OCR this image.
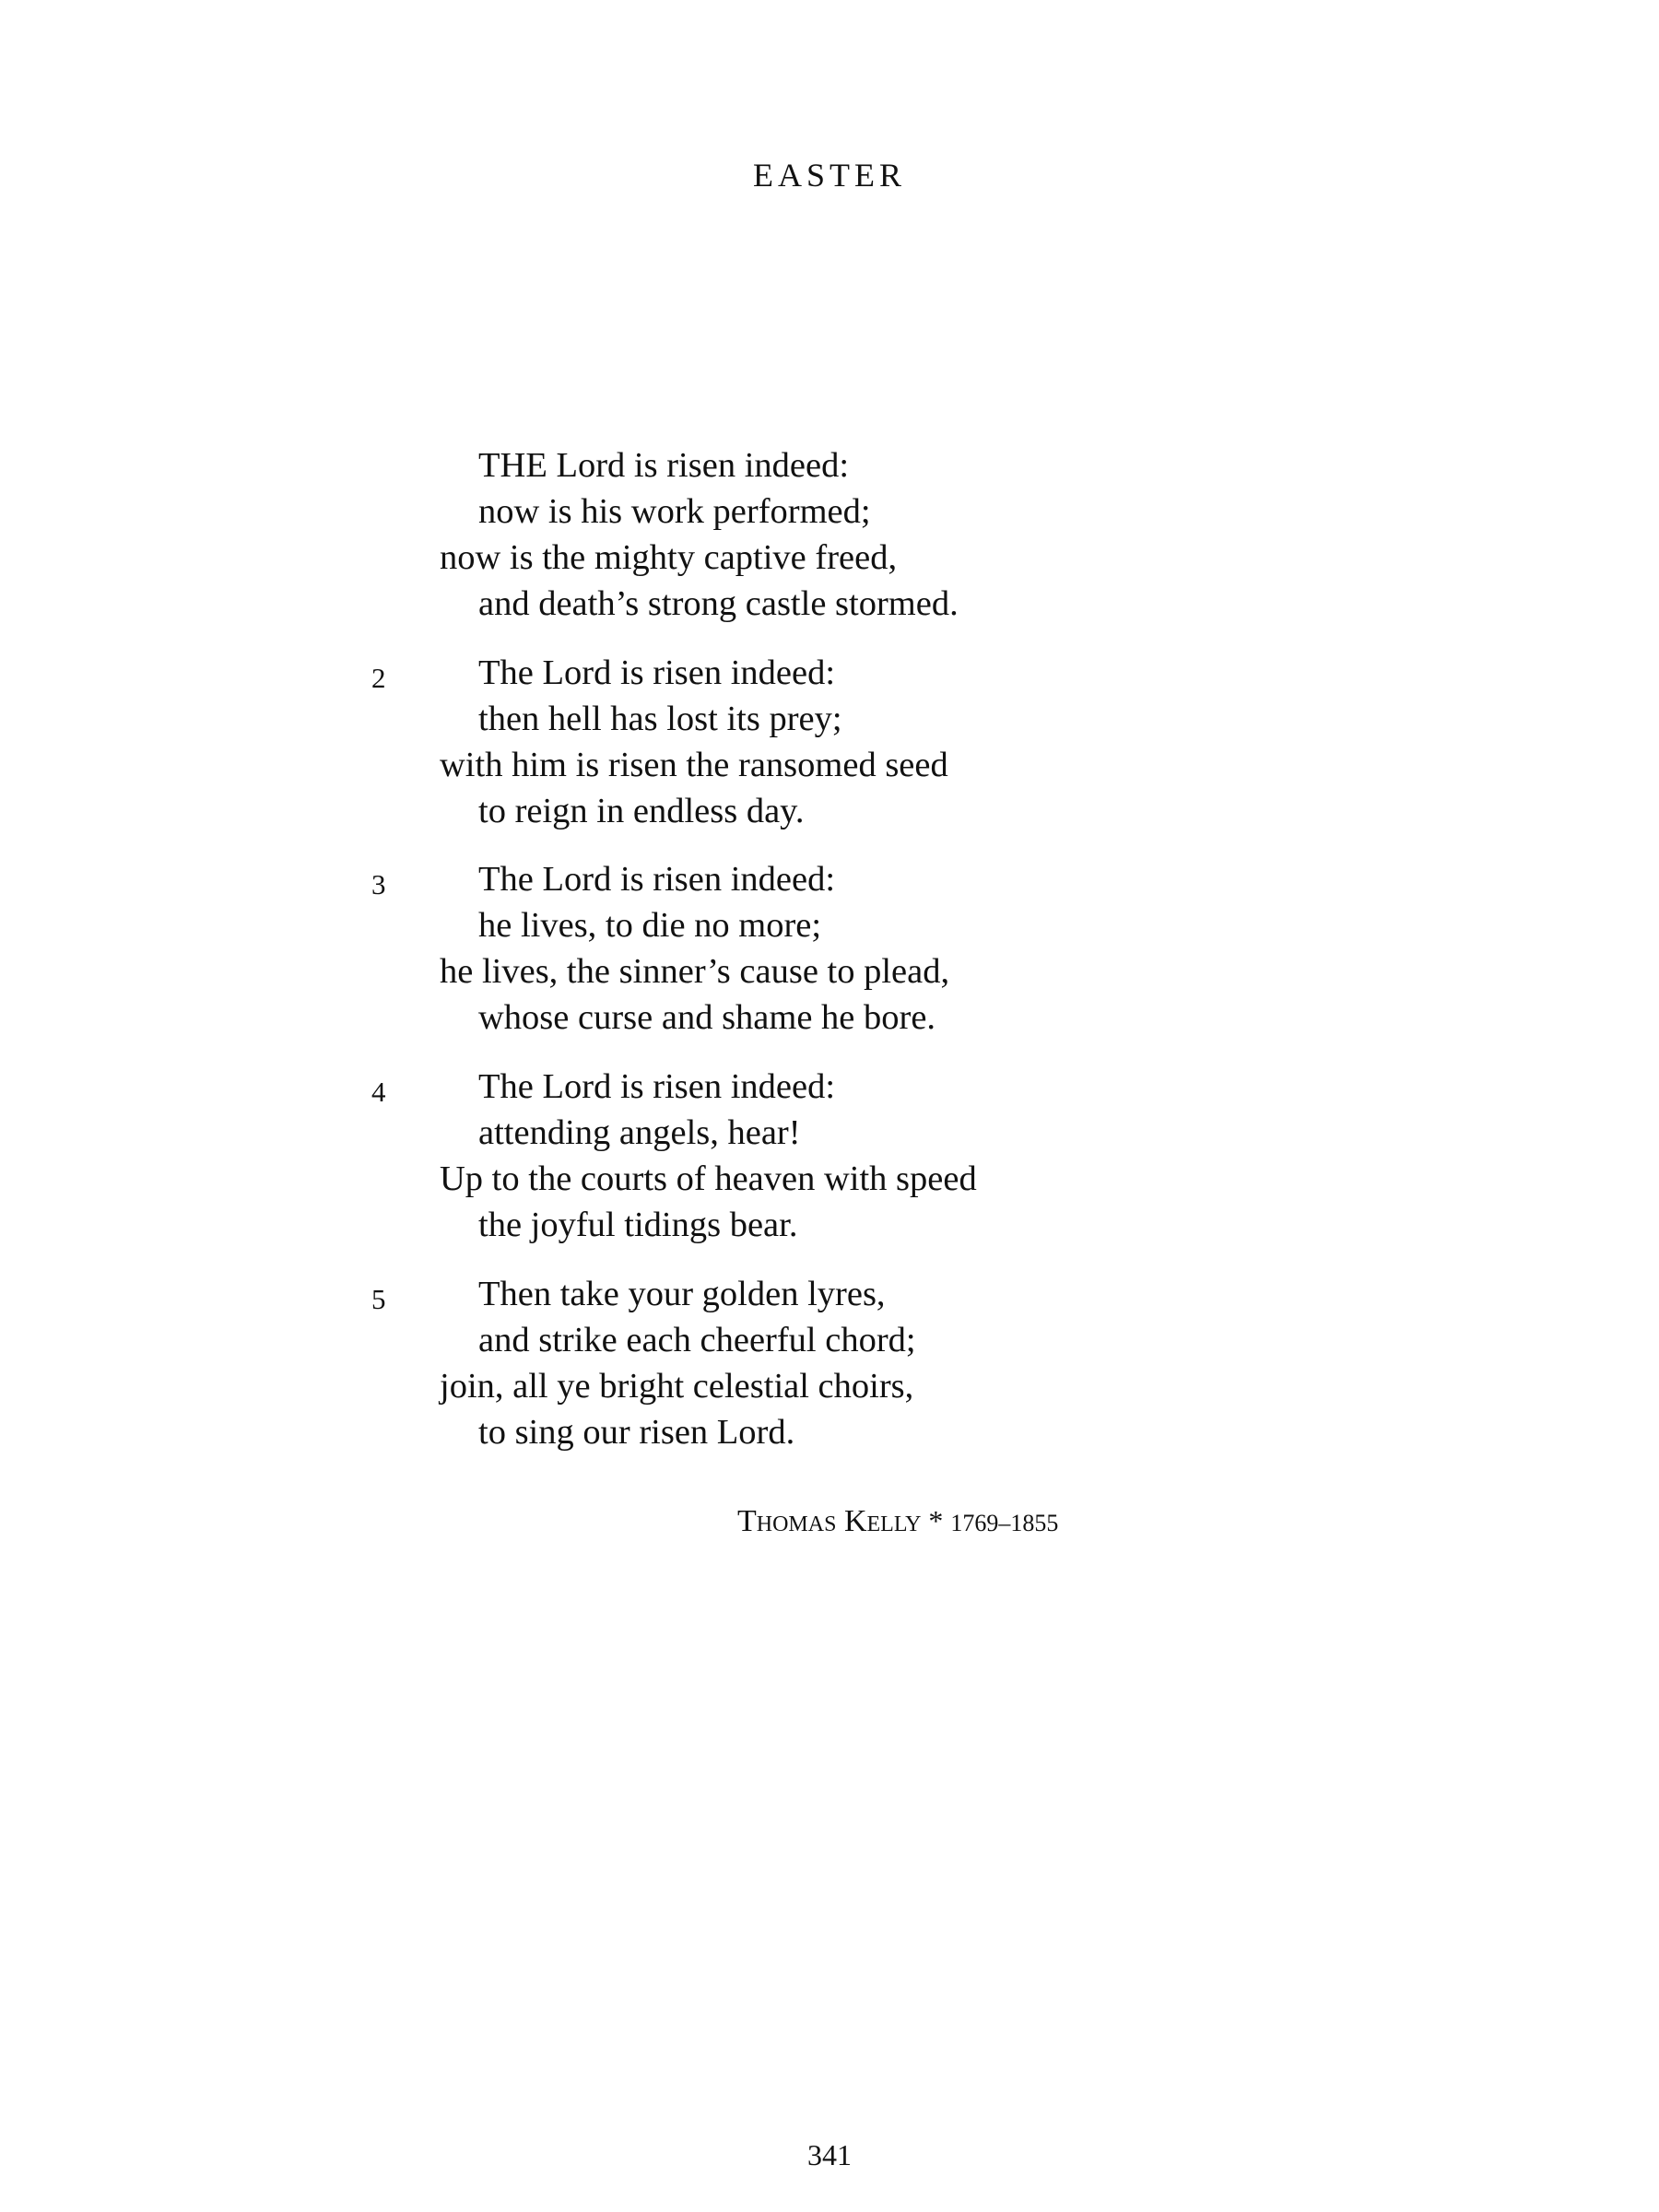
EASTER
THE Lord is risen indeed:
now is his work performed;
now is the mighty captive freed,
and death’s strong castle stormed.
2	The Lord is risen indeed:
then hell has lost its prey;
with him is risen the ransomed seed
to reign in endless day.
3	The Lord is risen indeed:
he lives, to die no more;
he lives, the sinner’s cause to plead,
whose curse and shame he bore.
4	The Lord is risen indeed:
attending angels, hear!
Up to the courts of heaven with speed
the joyful tidings bear.
5	Then take your golden lyres,
and strike each cheerful chord;
join, all ye bright celestial choirs,
to sing our risen Lord.
Thomas Kelly * 1769–1855
341
